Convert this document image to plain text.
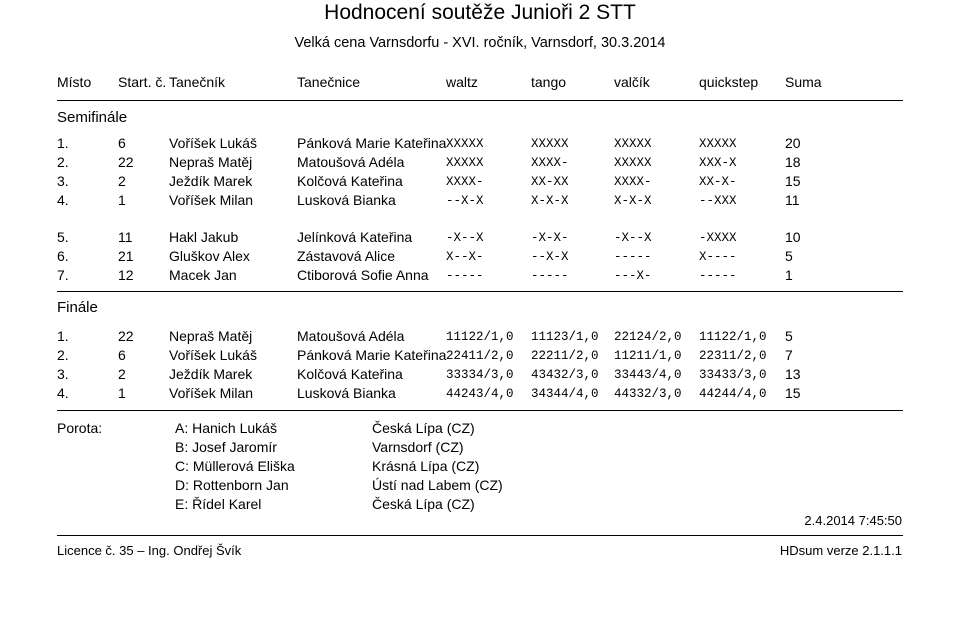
Hodnocení soutěže Junioři 2 STT
Velká cena Varnsdorfu - XVI. ročník, Varnsdorf, 30.3.2014
Místo Start. č. Tanečník	Tanečnice	waltz	tango	valčík	quickstep Suma
Semifinále
1.	6	Voříšek Lukáš	Pánková Marie Kateřina XXXXX	XXXXX	XXXXX	XXXXX	20
2.	22	Nepraš Matěj	Matoušová Adéla	XXXXX	XXXX-	XXXXX	XXX-X	18
3.	2	Ježdík Marek	Kolčová Kateřina	XXXX-	XX-XX	XXXX-	XX-X-	15
4.	1	Voříšek Milan	Lusková Bianka	--X-X	X-X-X	X-X-X	--XXX	11
5.	11	Hakl Jakub	Jelínková Kateřina	-X--X	-X-X-	-X--X	-XXXX	10
6.	21	Gluškov Alex	Zástavová Alice	X--X-	--X-X	-----	X----	5
7.	12	Macek Jan	Ctiborová Sofie Anna -----	-----	---X-	-----	1
Finále
1.	22	Nepraš Matěj	Matoušová Adéla	11122/1,0 11123/1,0 22124/2,0 11122/1,0 5
2.	6	Voříšek Lukáš	Pánková Marie Kateřina 22411/2,0 22211/2,0 11211/1,0 22311/2,0 7
3.	2	Ježdík Marek	Kolčová Kateřina	33334/3,0 43432/3,0 33443/4,0 33433/3,0 13
4.	1	Voříšek Milan	Lusková Bianka	44243/4,0 34344/4,0 44332/3,0 44244/4,0 15
Porota:	A: Hanich Lukáš	Česká Lípa (CZ)
B: Josef Jaromír	Varnsdorf (CZ)
C: Müllerová Eliška	Krásná Lípa (CZ)
D: Rottenborn Jan	Ústí nad Labem (CZ)
E: Řídel Karel	Česká Lípa (CZ)
2.4.2014 7:45:50
Licence č. 35 – Ing. Ondřej Švík	HDsum verze 2.1.1.1
